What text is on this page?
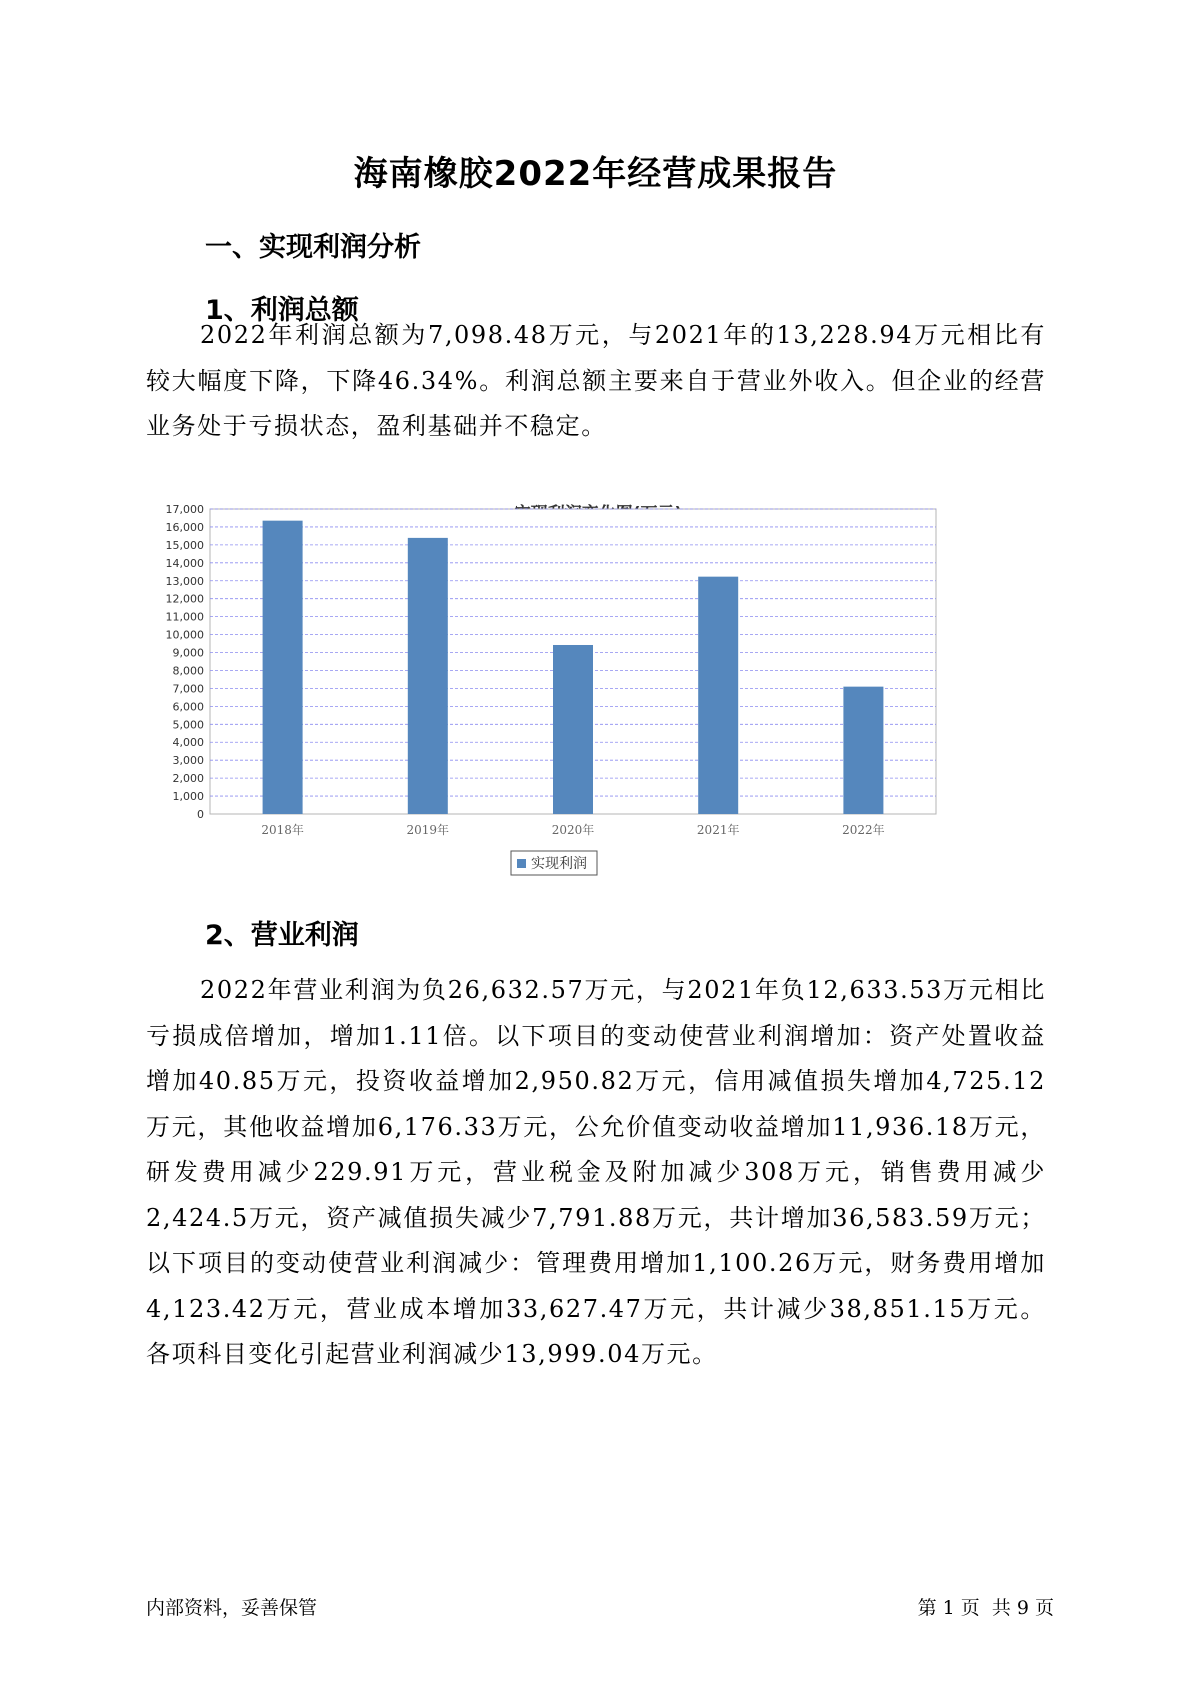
海南橡胶2022年经营成果报告
一、实现利润分析
1、利润总额
2022年利润总额为7,098.48万元，与2021年的13,228.94万元相比有较大幅度下降，下降46.34%。利润总额主要来自于营业外收入。但企业的经营业务处于亏损状态，盈利基础并不稳定。
0
1,000
2,000
3,000
4,000
5,000
6,000
7,000
8,000
9,000
10,000
11,000
12,000
13,000
14,000
15,000
16,000
17,000
2018年	2019年	2020年	2021年	2022年
实现利润
2、营业利润
2022年营业利润为负26,632.57万元，与2021年负12,633.53万元相比亏损成倍增加，增加1.11倍。以下项目的变动使营业利润增加：资产处置收益增加40.85万元，投资收益增加2,950.82万元，信用减值损失增加4,725.12万元，其他收益增加6,176.33万元，公允价值变动收益增加11,936.18万元，研发费用减少229.91万元，营业税金及附加减少308万元，销售费用减少2,424.5万元，资产减值损失减少7,791.88万元，共计增加36,583.59万元；以下项目的变动使营业利润减少：管理费用增加1,100.26万元，财务费用增加4,123.42万元，营业成本增加33,627.47万元，共计减少38,851.15万元。各项科目变化引起营业利润减少13,999.04万元。
内部资料，妥善保管	第 1 页  共 9 页
